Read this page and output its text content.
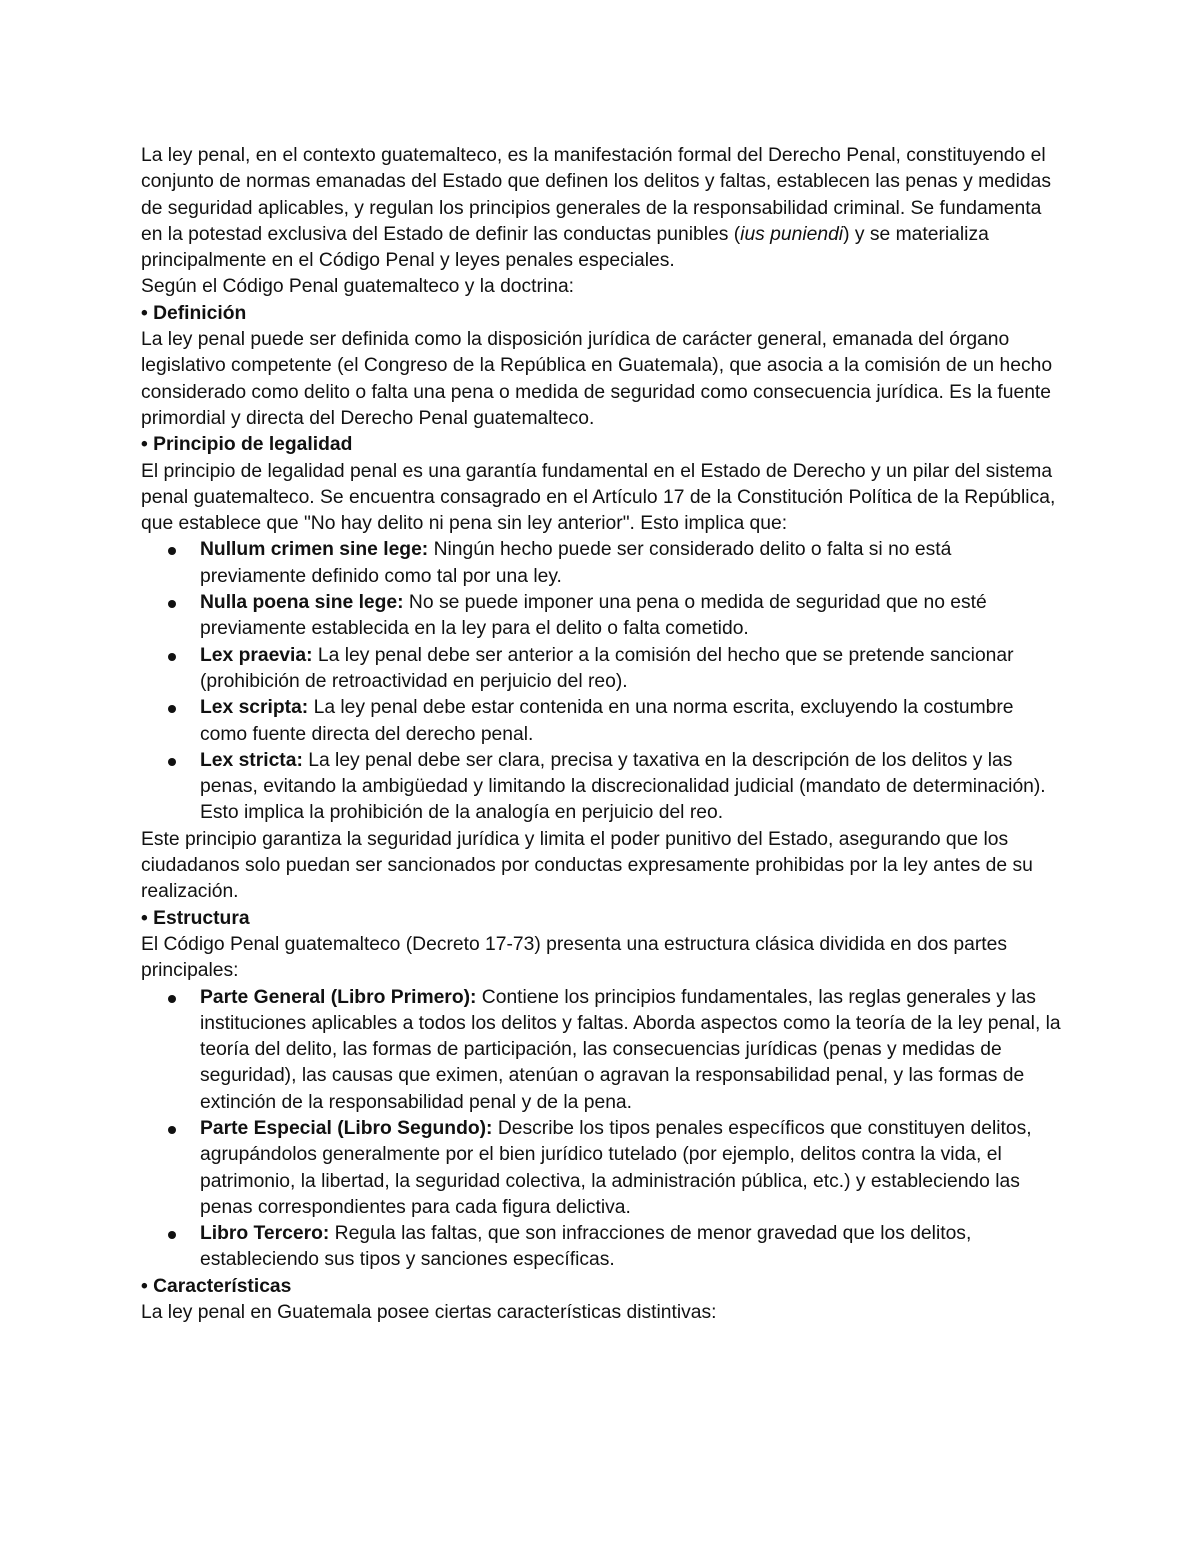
La ley penal, en el contexto guatemalteco, es la manifestación formal del Derecho Penal, constituyendo el conjunto de normas emanadas del Estado que definen los delitos y faltas, establecen las penas y medidas de seguridad aplicables, y regulan los principios generales de la responsabilidad criminal. Se fundamenta en la potestad exclusiva del Estado de definir las conductas punibles (ius puniendi) y se materializa principalmente en el Código Penal y leyes penales especiales.

Según el Código Penal guatemalteco y la doctrina:

• Definición

La ley penal puede ser definida como la disposición jurídica de carácter general, emanada del órgano legislativo competente (el Congreso de la República en Guatemala), que asocia a la comisión de un hecho considerado como delito o falta una pena o medida de seguridad como consecuencia jurídica. Es la fuente primordial y directa del Derecho Penal guatemalteco.

• Principio de legalidad

El principio de legalidad penal es una garantía fundamental en el Estado de Derecho y un pilar del sistema penal guatemalteco. Se encuentra consagrado en el Artículo 17 de la Constitución Política de la República, que establece que "No hay delito ni pena sin ley anterior". Esto implica que:

Nullum crimen sine lege: Ningún hecho puede ser considerado delito o falta si no está previamente definido como tal por una ley.
Nulla poena sine lege: No se puede imponer una pena o medida de seguridad que no esté previamente establecida en la ley para el delito o falta cometido.
Lex praevia: La ley penal debe ser anterior a la comisión del hecho que se pretende sancionar (prohibición de retroactividad en perjuicio del reo).
Lex scripta: La ley penal debe estar contenida en una norma escrita, excluyendo la costumbre como fuente directa del derecho penal.
Lex stricta: La ley penal debe ser clara, precisa y taxativa en la descripción de los delitos y las penas, evitando la ambigüedad y limitando la discrecionalidad judicial (mandato de determinación). Esto implica la prohibición de la analogía en perjuicio del reo.

Este principio garantiza la seguridad jurídica y limita el poder punitivo del Estado, asegurando que los ciudadanos solo puedan ser sancionados por conductas expresamente prohibidas por la ley antes de su realización.

• Estructura

El Código Penal guatemalteco (Decreto 17-73) presenta una estructura clásica dividida en dos partes principales:

Parte General (Libro Primero): Contiene los principios fundamentales, las reglas generales y las instituciones aplicables a todos los delitos y faltas. Aborda aspectos como la teoría de la ley penal, la teoría del delito, las formas de participación, las consecuencias jurídicas (penas y medidas de seguridad), las causas que eximen, atenúan o agravan la responsabilidad penal, y las formas de extinción de la responsabilidad penal y de la pena.
Parte Especial (Libro Segundo): Describe los tipos penales específicos que constituyen delitos, agrupándolos generalmente por el bien jurídico tutelado (por ejemplo, delitos contra la vida, el patrimonio, la libertad, la seguridad colectiva, la administración pública, etc.) y estableciendo las penas correspondientes para cada figura delictiva.
Libro Tercero: Regula las faltas, que son infracciones de menor gravedad que los delitos, estableciendo sus tipos y sanciones específicas.

• Características

La ley penal en Guatemala posee ciertas características distintivas:
